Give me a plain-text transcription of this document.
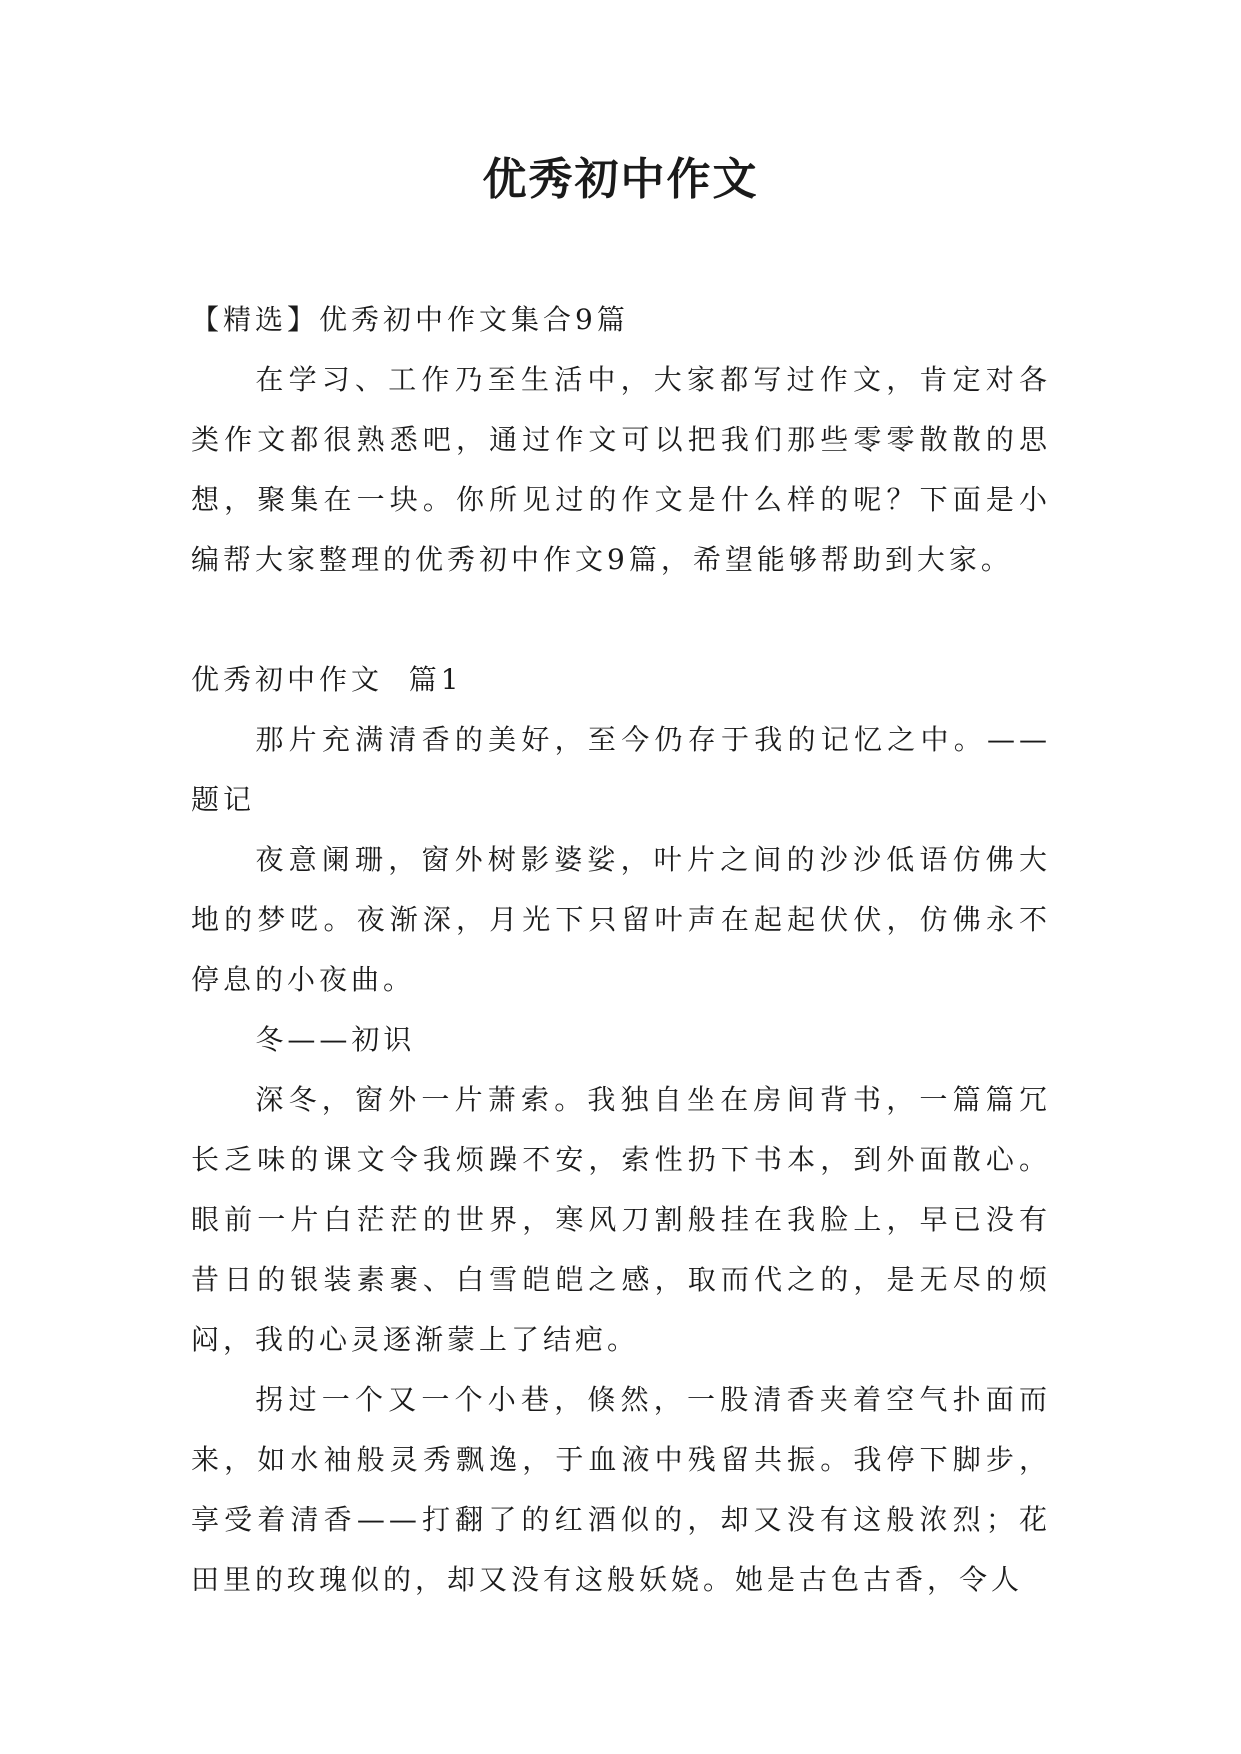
优秀初中作文

【精选】优秀初中作文集合9篇

在学习、工作乃至生活中，大家都写过作文，肯定对各类作文都很熟悉吧，通过作文可以把我们那些零零散散的思想，聚集在一块。你所见过的作文是什么样的呢？下面是小编帮大家整理的优秀初中作文9篇，希望能够帮助到大家。

优秀初中作文  篇1

那片充满清香的美好，至今仍存于我的记忆之中。——题记

夜意阑珊，窗外树影婆娑，叶片之间的沙沙低语仿佛大地的梦呓。夜渐深，月光下只留叶声在起起伏伏，仿佛永不停息的小夜曲。

冬——初识

深冬，窗外一片萧索。我独自坐在房间背书，一篇篇冗长乏味的课文令我烦躁不安，索性扔下书本，到外面散心。眼前一片白茫茫的世界，寒风刀割般挂在我脸上，早已没有昔日的银装素裹、白雪皑皑之感，取而代之的，是无尽的烦闷，我的心灵逐渐蒙上了结疤。

拐过一个又一个小巷，倏然，一股清香夹着空气扑面而来，如水袖般灵秀飘逸，于血液中残留共振。我停下脚步，享受着清香——打翻了的红酒似的，却又没有这般浓烈；花田里的玫瑰似的，却又没有这般妖娆。她是古色古香，令人
